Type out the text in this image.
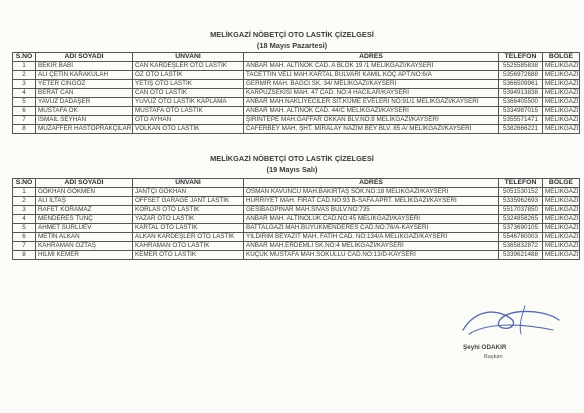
MELİKGAZİ NÖBETÇİ OTO LASTİK ÇİZELGESİ
(18 Mayıs Pazartesi)
S.NO	ADI SOYADI	ÜNVANI	ADRES	TELEFON	BÖLGE
1	BEKİR BABİ	CAN KARDEŞLER OTO LASTİK	ANBAR MAH. ALTINOK CAD. A BLOK 19 /1 MELİKGAZİ/KAYSERİ	5525585838	MELİKGAZİ
2	ALİ ÇETİN KARAKÜLAH	ÖZ OTO LASTİK	TACETTİN VELİ MAH.KARTAL BULVARI KAMİL KOÇ APT.NO:6/A	5356972688	MELİKGAZİ
3	YETER CİNGÖZ	YETİŞ OTO LASTİK	GERMİR MAH. BAĞCI SK. 34/ MELİKGAZİ/KAYSERİ	5366509961	MELİKGAZİ
4	BERAT CAN	CAN OTO LASTİK	KARPUZSEKİSİ MAH. 47 CAD. NO:4 HACILAR/KAYSERİ	5394913838	MELİKGAZİ
5	YAVUZ DADAŞER	YUVUZ OTO LASTİK KAPLAMA	ANBAR MAH.NAKLİYECİLER SİT.KÜME EVELERİ NO:91/1 MELİKGAZİ/KAYSERİ	5366405500	MELİKGAZİ
6	MUSTAFA OK	MUSTAFA OTO LASTİK	ANBAR MAH. ALTINOK CAD. 44/C MELİKGAZİ/KAYSERİ	5334987015	MELİKGAZİ
7	İSMAİL SEYHAN	OTO AYHAN	ŞİRİNTEPE MAH.GAFFAR OKKAN BLV.NO:8 MELİKGAZİ/KAYSERİ	5355571471	MELİKGAZİ
8	MUZAFFER HASTOPRAKÇILAR	VOLKAN OTO LASTİK	CAFERBEY MAH. ŞHT. MİRALAY NAZIM BEY BLV. 85 A/ MELİKGAZİ/KAYSERİ	5382666221	MELİKGAZİ
MELİKGAZİ NÖBETÇİ OTO LASTİK ÇİZELGESİ
(19 Mayıs Salı)
S.NO	ADI SOYADI	ÜNVANI	ADRES	TELEFON	BÖLGE
1	GÖKHAN GÖKMEN	JANTÇI GÖKHAN	OSMAN KAVUNCU MAH.BAKIRTAŞ SOK.NO:18 MELİKGAZİ/KAYSERİ	5051530152	MELİKGAZİ
2	ALİ İLTAŞ	OFFSET GARAGE JANT LASTİK	HÜRRİYET MAH. FIRAT CAD.NO:93 B-SAFA APRT. MELİKGAZİ/KAYSERİ	5335962693	MELİKGAZİ
3	RAFET KORAMAZ	KORLAS OTO LASTİK	GESİBAĞPINAR MAH.SİVAS BULV.NO:735	5517037850	MELİKGAZİ
4	MENDERES TUNÇ	YAZAR OTO LASTİK	ANBAR MAH. ALTINOLUK CAD.NO:45 MELİKGAZİ/KAYSERİ	5324858265	MELİKGAZİ
5	AHMET SURLUEV	KARTAL OTO LASTİK	BATTALGAZİ MAH.BÜYÜKMENDERES CAD.NO:76/A-KAYSERİ	5373690105	MELİKGAZİ
6	METİN ALKAN	ALKAN KARDEŞLER OTO LASTİK	YILDIRIM BEYAZIT MAH. FATİH CAD. NO:134/A MELİKGAZİ/KAYSERİ	5546780003	MELİKGAZİ
7	KAHRAMAN ÖZTAŞ	KAHRAMAN OTO LASTİK	ANBAR MAH.ERDEMLİ SK.NO:4 MELİKGAZİ/KAYSERİ	5365832872	MELİKGAZİ
8	HİLMİ KEMER	KEMER OTO LASTİK	KÜÇÜK MUSTAFA MAH.SOKULLU CAD.NO:13/D-KAYSERİ	5339621488	MELİKGAZİ
Şeyhi ODAKIR
Başkan
